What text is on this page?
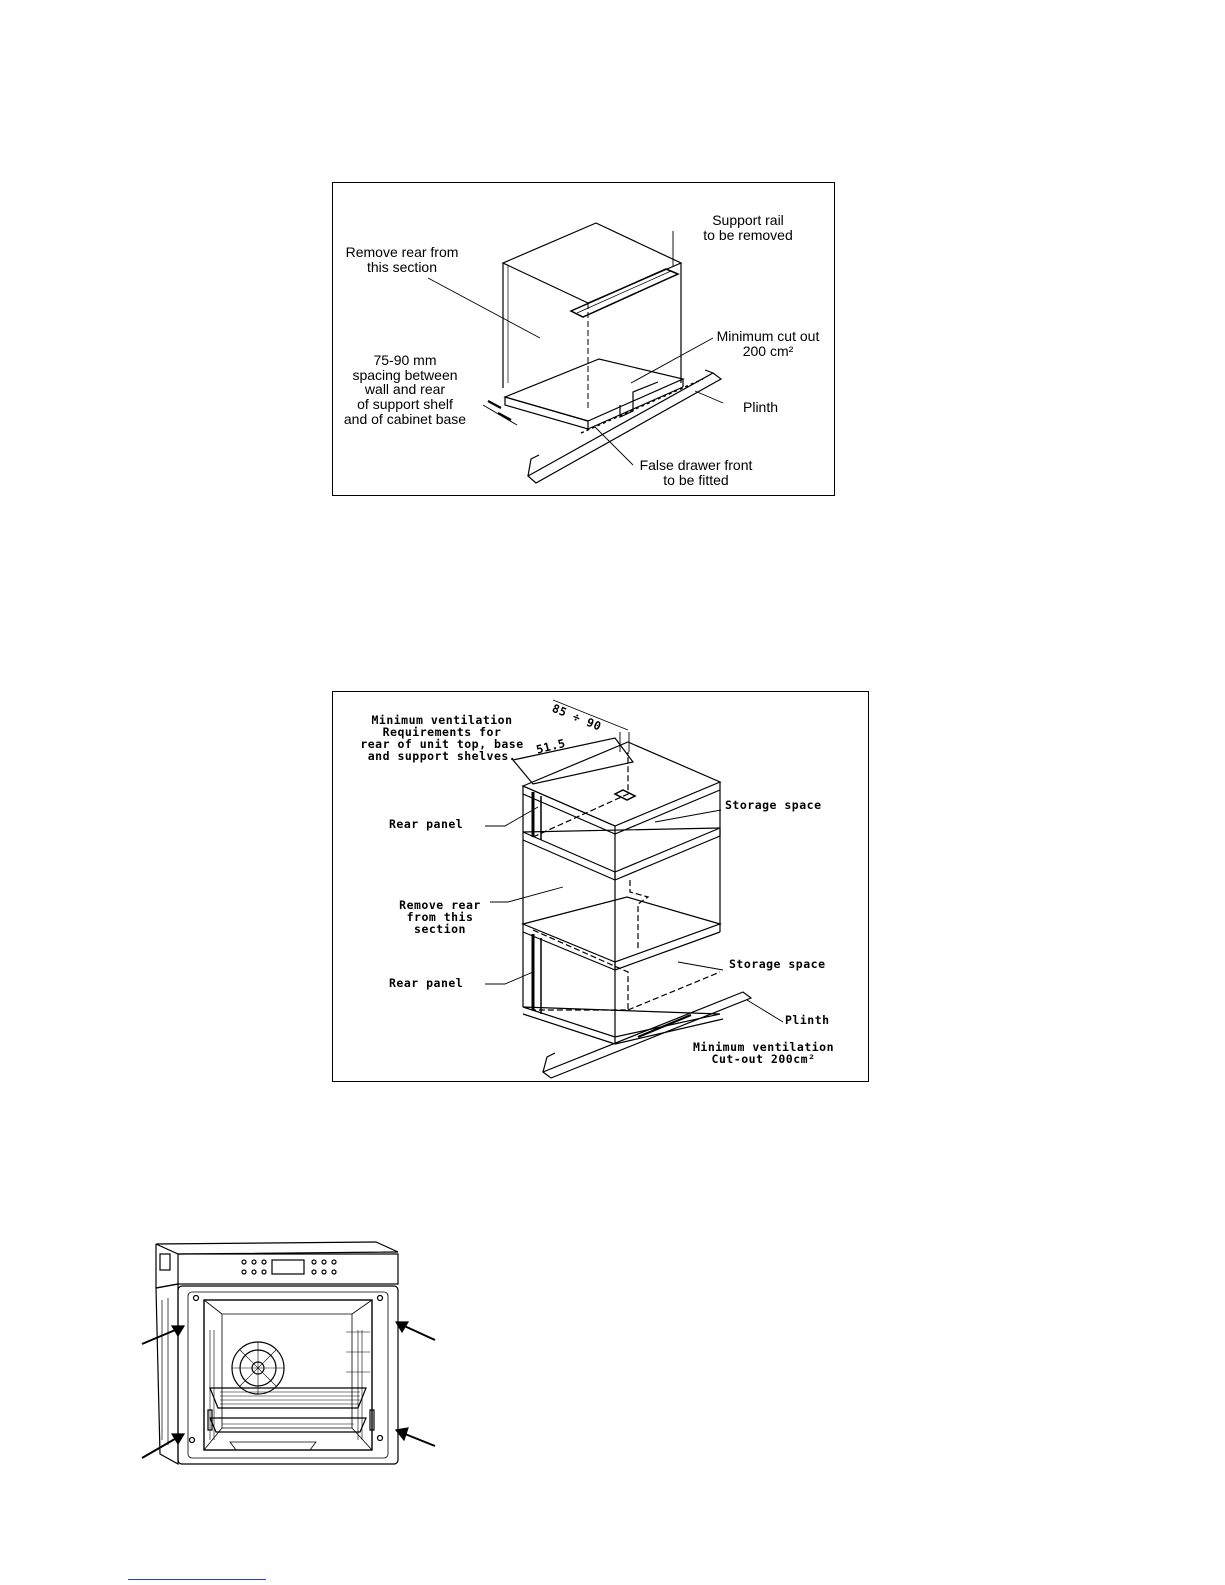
Remove rear from
this section
Support rail
to be removed
Minimum cut out
200 cm²
75-90 mm
spacing between
wall and rear
of support shelf
and of cabinet base
Plinth
False drawer front
to be fitted
Minimum ventilation
Requirements for
rear of unit top, base
and support shelves.
85 ÷ 90
51.5
Rear panel
Storage space
Remove rear
from this
section
Rear panel
Storage space
Plinth
Minimum ventilation
Cut-out 200cm²
